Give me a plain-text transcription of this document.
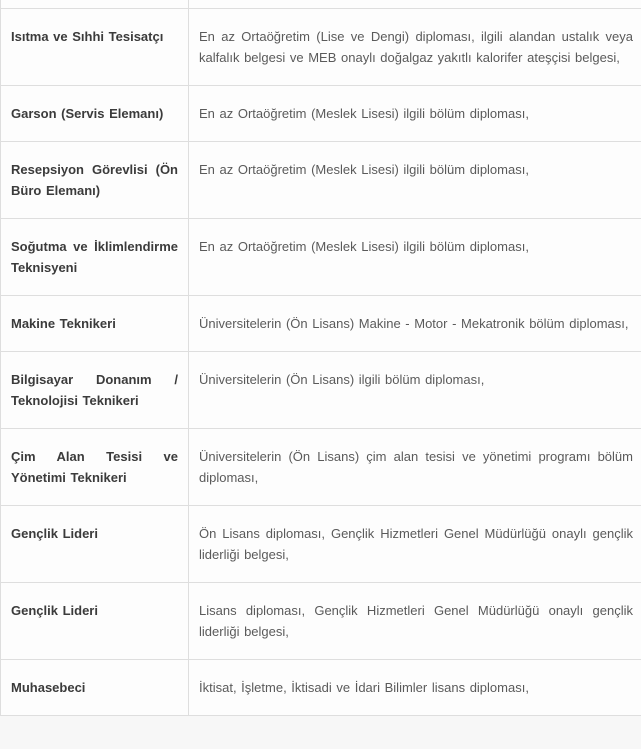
Isıtma ve Sıhhi Tesisatçı	En az Ortaöğretim (Lise ve Dengi) diploması, ilgili alandan ustalık veya kalfalık belgesi ve MEB onaylı doğalgaz yakıtlı kalorifer ateşçisi belgesi,
Garson (Servis Elemanı)	En az Ortaöğretim (Meslek Lisesi) ilgili bölüm diploması,
Resepsiyon Görevlisi (Ön Büro Elemanı)	En az Ortaöğretim (Meslek Lisesi) ilgili bölüm diploması,
Soğutma ve İklimlendirme Teknisyeni	En az Ortaöğretim (Meslek Lisesi) ilgili bölüm diploması,
Makine Teknikeri	Üniversitelerin (Ön Lisans) Makine - Motor - Mekatronik bölüm diploması,
Bilgisayar Donanım / Teknolojisi Teknikeri	Üniversitelerin (Ön Lisans) ilgili bölüm diploması,
Çim Alan Tesisi ve Yönetimi Teknikeri	Üniversitelerin (Ön Lisans) çim alan tesisi ve yönetimi programı bölüm diploması,
Gençlik Lideri	Ön Lisans diploması, Gençlik Hizmetleri Genel Müdürlüğü onaylı gençlik liderliği belgesi,
Gençlik Lideri	Lisans diploması, Gençlik Hizmetleri Genel Müdürlüğü onaylı gençlik liderliği belgesi,
Muhasebeci	İktisat, İşletme, İktisadi ve İdari Bilimler lisans diploması,
